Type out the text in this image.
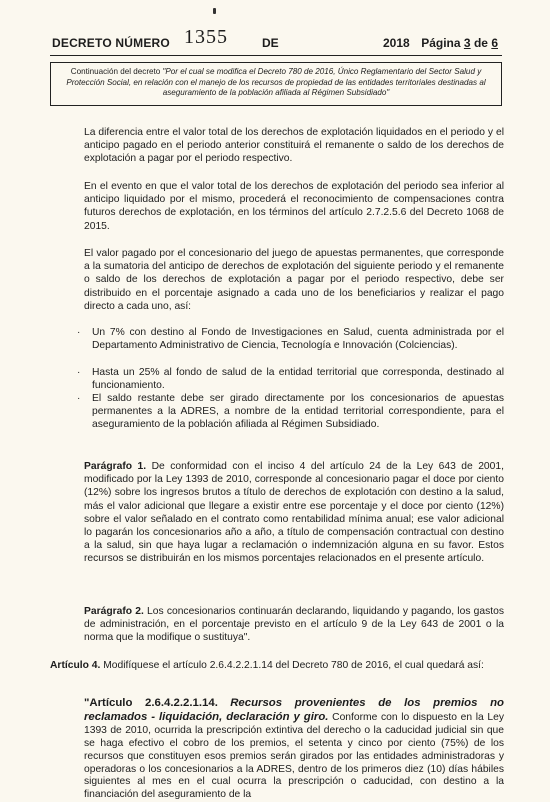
DECRETO NÚMERO 1355	DE	2018 Página 3 de 6
Continuación del decreto "Por el cual se modifica el Decreto 780 de 2016, Único Reglamentario del Sector Salud y Protección Social, en relación con el manejo de los recursos de propiedad de las entidades territoriales destinadas al aseguramiento de la población afiliada al Régimen Subsidiado"
La diferencia entre el valor total de los derechos de explotación liquidados en el periodo y el anticipo pagado en el periodo anterior constituirá el remanente o saldo de los derechos de explotación a pagar por el periodo respectivo.
En el evento en que el valor total de los derechos de explotación del periodo sea inferior al anticipo liquidado por el mismo, procederá el reconocimiento de compensaciones contra futuros derechos de explotación, en los términos del artículo 2.7.2.5.6 del Decreto 1068 de 2015.
El valor pagado por el concesionario del juego de apuestas permanentes, que corresponde a la sumatoria del anticipo de derechos de explotación del siguiente periodo y el remanente o saldo de los derechos de explotación a pagar por el periodo respectivo, debe ser distribuido en el porcentaje asignado a cada uno de los beneficiarios y realizar el pago directo a cada uno, así:
· Un 7% con destino al Fondo de Investigaciones en Salud, cuenta administrada por el Departamento Administrativo de Ciencia, Tecnología e Innovación (Colciencias).
· Hasta un 25% al fondo de salud de la entidad territorial que corresponda, destinado al funcionamiento.
· El saldo restante debe ser girado directamente por los concesionarios de apuestas permanentes a la ADRES, a nombre de la entidad territorial correspondiente, para el aseguramiento de la población afiliada al Régimen Subsidiado.
Parágrafo 1. De conformidad con el inciso 4 del artículo 24 de la Ley 643 de 2001, modificado por la Ley 1393 de 2010, corresponde al concesionario pagar el doce por ciento (12%) sobre los ingresos brutos a título de derechos de explotación con destino a la salud, más el valor adicional que llegare a existir entre ese porcentaje y el doce por ciento (12%) sobre el valor señalado en el contrato como rentabilidad mínima anual; ese valor adicional lo pagarán los concesionarios año a año, a título de compensación contractual con destino a la salud, sin que haya lugar a reclamación o indemnización alguna en su favor. Estos recursos se distribuirán en los mismos porcentajes relacionados en el presente artículo.
Parágrafo 2. Los concesionarios continuarán declarando, liquidando y pagando, los gastos de administración, en el porcentaje previsto en el artículo 9 de la Ley 643 de 2001 o la norma que la modifique o sustituya".
Artículo 4. Modifíquese el artículo 2.6.4.2.2.1.14 del Decreto 780 de 2016, el cual quedará así:
"Artículo 2.6.4.2.2.1.14. Recursos provenientes de los premios no reclamados - liquidación, declaración y giro. Conforme con lo dispuesto en la Ley 1393 de 2010, ocurrida la prescripción extintiva del derecho o la caducidad judicial sin que se haga efectivo el cobro de los premios, el setenta y cinco por ciento (75%) de los recursos que constituyen esos premios serán girados por las entidades administradoras y operadoras o los concesionarios a la ADRES, dentro de los primeros diez (10) días hábiles siguientes al mes en el cual ocurra la prescripción o caducidad, con destino a la financiación del aseguramiento de la
